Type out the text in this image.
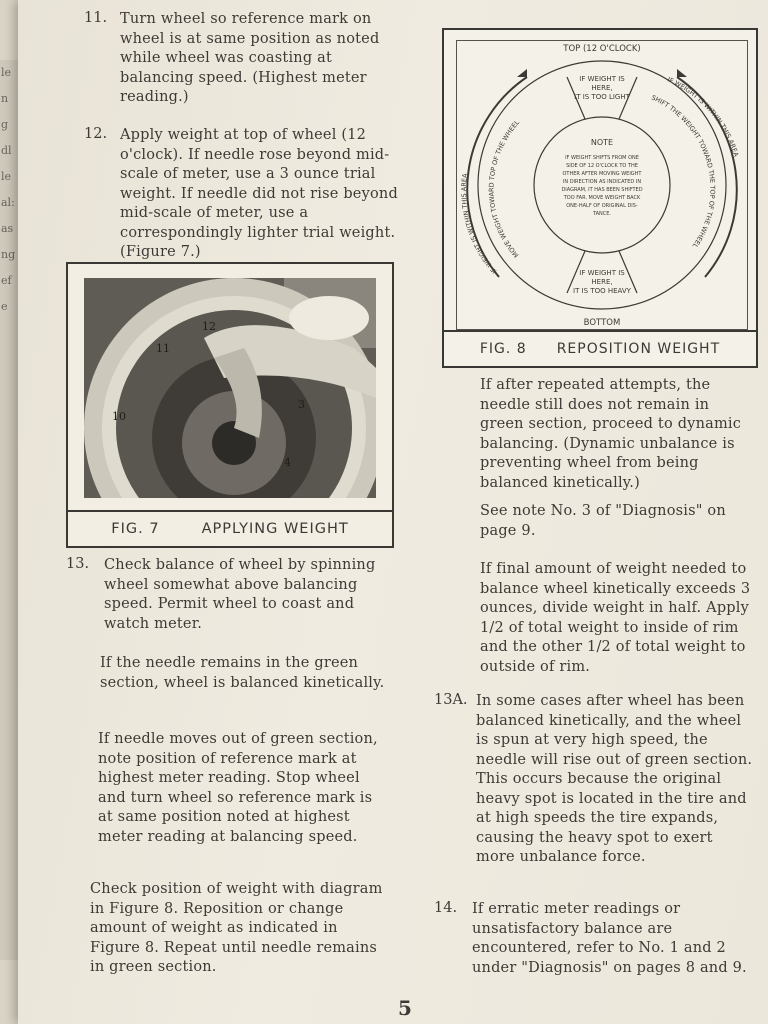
le
n
g
dl
le
al:
as
ng
ef
e
11. Turn wheel so reference mark on wheel is at same position as noted while wheel was coasting at balancing speed. (Highest meter reading.)
12. Apply weight at top of wheel (12 o'clock). If needle rose beyond mid-scale of meter, use a 3 ounce trial weight. If needle did not rise beyond mid-scale of meter, use a correspondingly lighter trial weight. (Figure 7.)
12
11
10
3
4
FIG. 7	APPLYING WEIGHT
13. Check balance of wheel by spinning wheel somewhat above balancing speed. Permit wheel to coast and watch meter.
If the needle remains in the green section, wheel is balanced kinetically.
If needle moves out of green section, note position of reference mark at highest meter reading. Stop wheel and turn wheel so reference mark is at same position noted at highest meter reading at balancing speed.
Check position of weight with diagram in Figure 8. Reposition or change amount of weight as indicated in Figure 8. Repeat until needle remains in green section.
TOP (12 O'CLOCK)
IF WEIGHT IS
HERE,
IT IS TOO LIGHT
IF WEIGHT IS
HERE,
IT IS TOO HEAVY
NOTE
IF WEIGHT SHIFTS FROM ONE
SIDE OF 12 O'CLOCK TO THE
OTHER AFTER MOVING WEIGHT
IN DIRECTION AS INDICATED IN
DIAGRAM, IT HAS BEEN SHIFTED
TOO FAR. MOVE WEIGHT BACK
ONE-HALF OF ORIGINAL DIS-
TANCE.
IF WEIGHT IS WITHIN THIS AREA
MOVE WEIGHT TOWARD TOP OF THE WHEEL
IF WEIGHT IS WITHIN THIS AREA
SHIFT THE WEIGHT TOWARD THE TOP OF THE WHEEL
BOTTOM
FIG. 8 REPOSITION WEIGHT
If after repeated attempts, the needle still does not remain in green section, proceed to dynamic balancing. (Dynamic unbalance is preventing wheel from being balanced kinetically.)
See note No. 3 of "Diagnosis" on page 9.
If final amount of weight needed to balance wheel kinetically exceeds 3 ounces, divide weight in half. Apply 1/2 of total weight to inside of rim and the other 1/2 of total weight to outside of rim.
13A. In some cases after wheel has been balanced kinetically, and the wheel is spun at very high speed, the needle will rise out of green section. This occurs because the original heavy spot is located in the tire and at high speeds the tire expands, causing the heavy spot to exert more unbalance force.
14. If erratic meter readings or unsatisfactory balance are encountered, refer to No. 1 and 2 under "Diagnosis" on pages 8 and 9.
5
